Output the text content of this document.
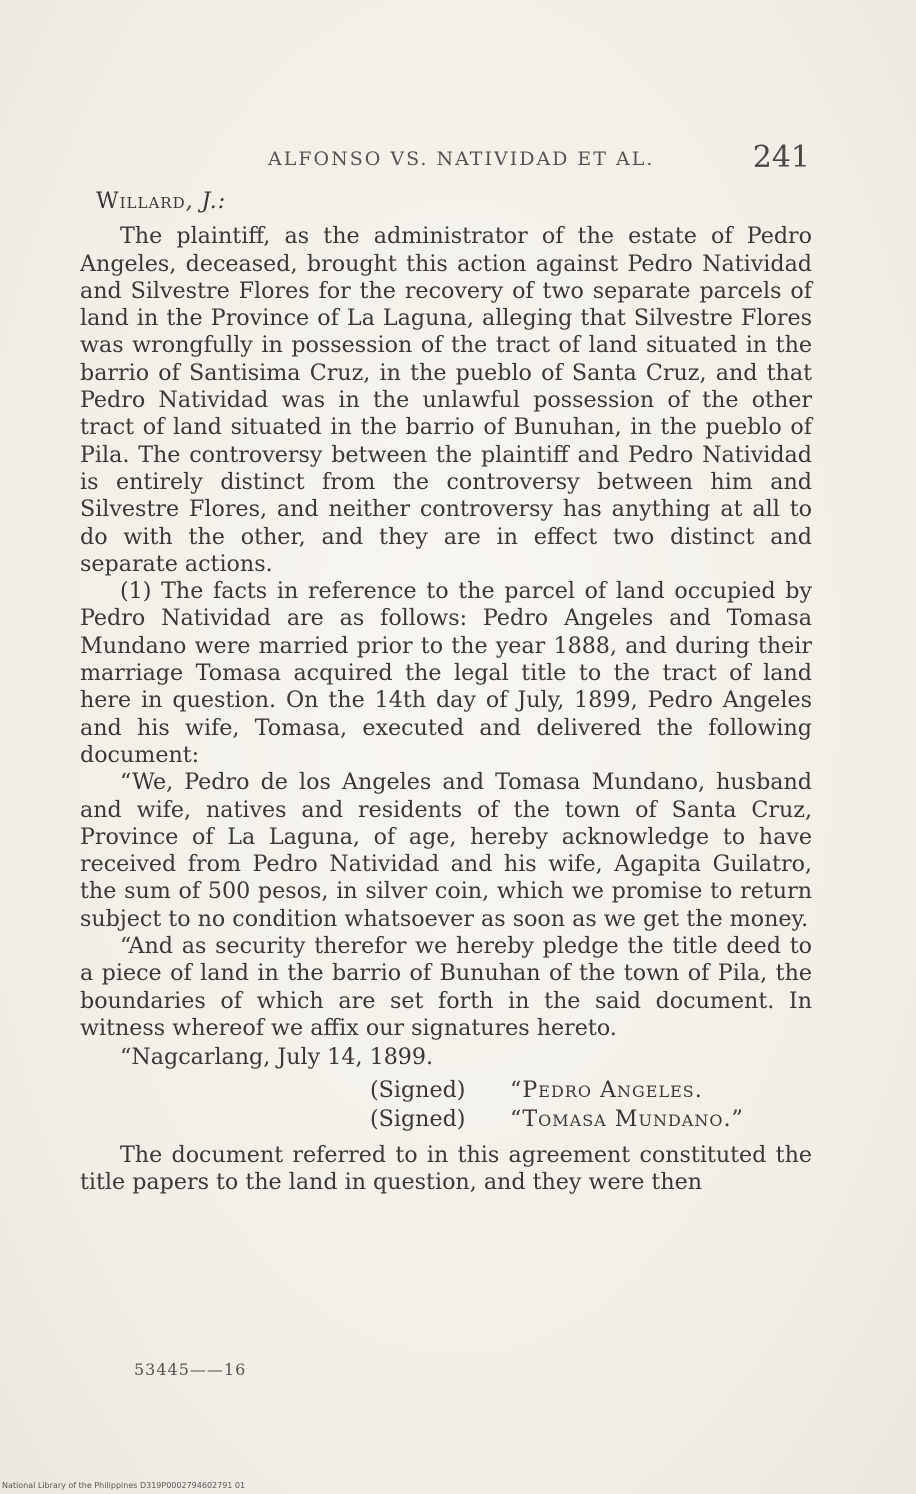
ALFONSO VS. NATIVIDAD ET AL.	241
Willard, J.:

The plaintiff, as the administrator of the estate of Pedro Angeles, deceased, brought this action against Pedro Natividad and Silvestre Flores for the recovery of two separate parcels of land in the Province of La Laguna, alleging that Silvestre Flores was wrongfully in possession of the tract of land situated in the barrio of Santisima Cruz, in the pueblo of Santa Cruz, and that Pedro Natividad was in the unlawful possession of the other tract of land situated in the barrio of Bunuhan, in the pueblo of Pila. The controversy between the plaintiff and Pedro Natividad is entirely distinct from the controversy between him and Silvestre Flores, and neither controversy has anything at all to do with the other, and they are in effect two distinct and separate actions.

(1) The facts in reference to the parcel of land occupied by Pedro Natividad are as follows: Pedro Angeles and Tomasa Mundano were married prior to the year 1888, and during their marriage Tomasa acquired the legal title to the tract of land here in question. On the 14th day of July, 1899, Pedro Angeles and his wife, Tomasa, executed and delivered the following document:

“We, Pedro de los Angeles and Tomasa Mundano, husband and wife, natives and residents of the town of Santa Cruz, Province of La Laguna, of age, hereby acknowledge to have received from Pedro Natividad and his wife, Agapita Guilatro, the sum of 500 pesos, in silver coin, which we promise to return subject to no condition whatsoever as soon as we get the money.

“And as security therefor we hereby pledge the title deed to a piece of land in the barrio of Bunuhan of the town of Pila, the boundaries of which are set forth in the said document. In witness whereof we affix our signatures hereto.

“Nagcarlang, July 14, 1899.
(Signed)	“Pedro Angeles.
(Signed)	“Tomasa Mundano.”

The document referred to in this agreement constituted the title papers to the land in question, and they were then

53445——16
National Library of the Philippines D319P0002794602791 01
